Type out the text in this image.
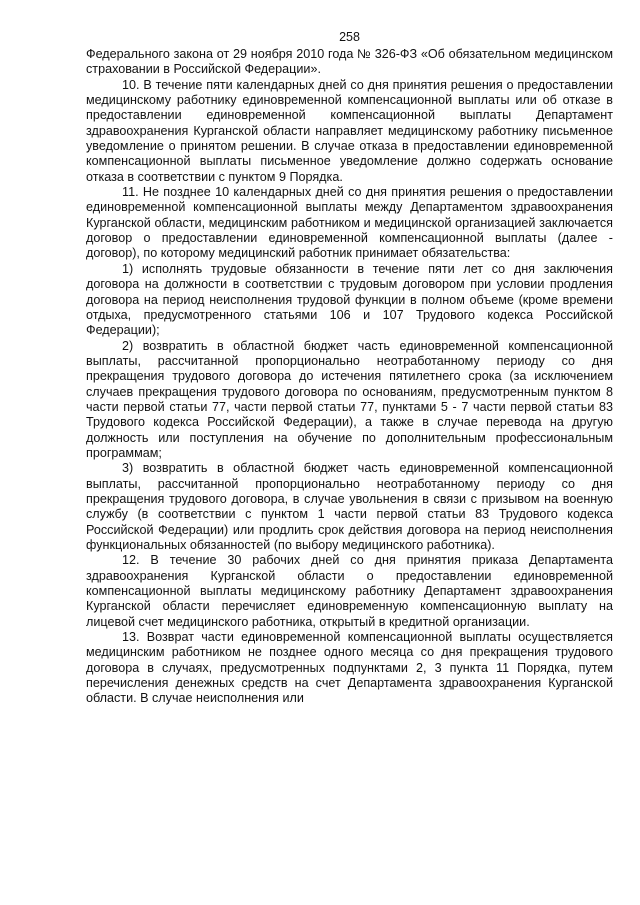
258

Федерального закона от 29 ноября 2010 года № 326-ФЗ «Об обязательном медицинском страховании в Российской Федерации».

10. В течение пяти календарных дней со дня принятия решения о предоставлении медицинскому работнику единовременной компенсационной выплаты или об отказе в предоставлении единовременной компенсационной выплаты Департамент здравоохранения Курганской области направляет медицинскому работнику письменное уведомление о принятом решении. В случае отказа в предоставлении единовременной компенсационной выплаты письменное уведомление должно содержать основание отказа в соответствии с пунктом 9 Порядка.

11. Не позднее 10 календарных дней со дня принятия решения о предоставлении единовременной компенсационной выплаты между Департаментом здравоохранения Курганской области, медицинским работником и медицинской организацией заключается договор о предоставлении единовременной компенсационной выплаты (далее - договор), по которому медицинский работник принимает обязательства:

1) исполнять трудовые обязанности в течение пяти лет со дня заключения договора на должности в соответствии с трудовым договором при условии продления договора на период неисполнения трудовой функции в полном объеме (кроме времени отдыха, предусмотренного статьями 106 и 107 Трудового кодекса Российской Федерации);

2) возвратить в областной бюджет часть единовременной компенсационной выплаты, рассчитанной пропорционально неотработанному периоду со дня прекращения трудового договора до истечения пятилетнего срока (за исключением случаев прекращения трудового договора по основаниям, предусмотренным пунктом 8 части первой статьи 77, части первой статьи 77, пунктами 5 - 7 части первой статьи 83 Трудового кодекса Российской Федерации), а также в случае перевода на другую должность или поступления на обучение по дополнительным профессиональным программам;

3) возвратить в областной бюджет часть единовременной компенсационной выплаты, рассчитанной пропорционально неотработанному периоду со дня прекращения трудового договора, в случае увольнения в связи с призывом на военную службу (в соответствии с пунктом 1 части первой статьи 83 Трудового кодекса Российской Федерации) или продлить срок действия договора на период неисполнения функциональных обязанностей (по выбору медицинского работника).

12. В течение 30 рабочих дней со дня принятия приказа Департамента здравоохранения Курганской области о предоставлении единовременной компенсационной выплаты медицинскому работнику Департамент здравоохранения Курганской области перечисляет единовременную компенсационную выплату на лицевой счет медицинского работника, открытый в кредитной организации.

13. Возврат части единовременной компенсационной выплаты осуществляется медицинским работником не позднее одного месяца со дня прекращения трудового договора в случаях, предусмотренных подпунктами 2, 3 пункта 11 Порядка, путем перечисления денежных средств на счет Департамента здравоохранения Курганской области. В случае неисполнения или
